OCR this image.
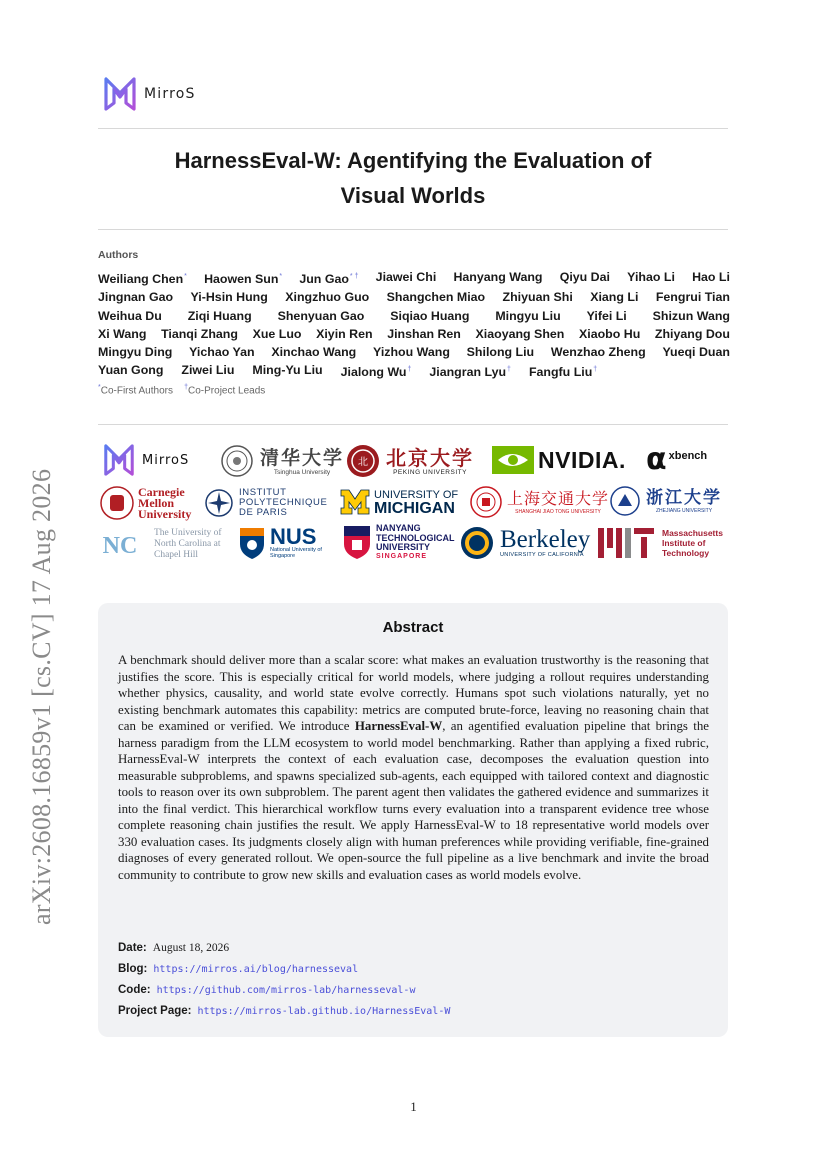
arXiv:2608.16859v1 [cs.CV] 17 Aug 2026
MirroS
HarnessEval-W: Agentifying the Evaluation of
Visual Worlds
Authors
Weiliang Chen* Haowen Sun* Jun Gao* † Jiawei Chi Hanyang Wang Qiyu Dai Yihao Li Hao Li
Jingnan Gao Yi-Hsin Hung Xingzhuo Guo Shangchen Miao Zhiyuan Shi Xiang Li Fengrui Tian
Weihua Du Ziqi Huang Shenyuan Gao Siqiao Huang Mingyu Liu Yifei Li Shizun Wang
Xi Wang Tianqi Zhang Xue Luo Xiyin Ren Jinshan Ren Xiaoyang Shen Xiaobo Hu Zhiyang Dou
Mingyu Ding Yichao Yan Xinchao Wang Yizhou Wang Shilong Liu Wenzhao Zheng Yueqi Duan
Yuan Gong Ziwei Liu Ming-Yu Liu Jialong Wu† Jiangran Lyu† Fangfu Liu†
*Co-First Authors †Co-Project Leads
MirroS	清华大学
Tsinghua University
北 北京大学
PEKING UNIVERSITY	NVIDIA. α xbench
Carnegie Mellon University
INSTITUT POLYTECHNIQUE DE PARIS
UNIVERSITY OF
MICHIGAN
上海交通大学
SHANGHAI JIAO TONG UNIVERSITY
浙江大学
ZHEJIANG UNIVERSITY
NC The University of North Carolina at Chapel Hill
NUS
National University of Singapore
NANYANG TECHNOLOGICAL UNIVERSITY
SINGAPORE
Berkeley
UNIVERSITY OF CALIFORNIA
Massachusetts Institute of Technology
Abstract
A benchmark should deliver more than a scalar score: what makes an evaluation trustworthy is the reasoning that justifies the score. This is especially critical for world models, where judging a rollout requires understanding whether physics, causality, and world state evolve correctly. Humans spot such violations naturally, yet no existing benchmark automates this capability: metrics are computed brute-force, leaving no reasoning chain that can be examined or verified. We introduce HarnessEval-W, an agentified evaluation pipeline that brings the harness paradigm from the LLM ecosystem to world model benchmarking. Rather than applying a fixed rubric, HarnessEval-W interprets the context of each evaluation case, decomposes the evaluation question into measurable subproblems, and spawns specialized sub-agents, each equipped with tailored context and diagnostic tools to reason over its own subproblem. The parent agent then validates the gathered evidence and summarizes it into the final verdict. This hierarchical workflow turns every evaluation into a transparent evidence tree whose complete reasoning chain justifies the result. We apply HarnessEval-W to 18 representative world models over 330 evaluation cases. Its judgments closely align with human preferences while providing verifiable, fine-grained diagnoses of every generated rollout. We open-source the full pipeline as a live benchmark and invite the broad community to contribute to grow new skills and evaluation cases as world models evolve.
Date: August 18, 2026
Blog: https://mirros.ai/blog/harnesseval
Code: https://github.com/mirros-lab/harnesseval-w
Project Page: https://mirros-lab.github.io/HarnessEval-W
1
